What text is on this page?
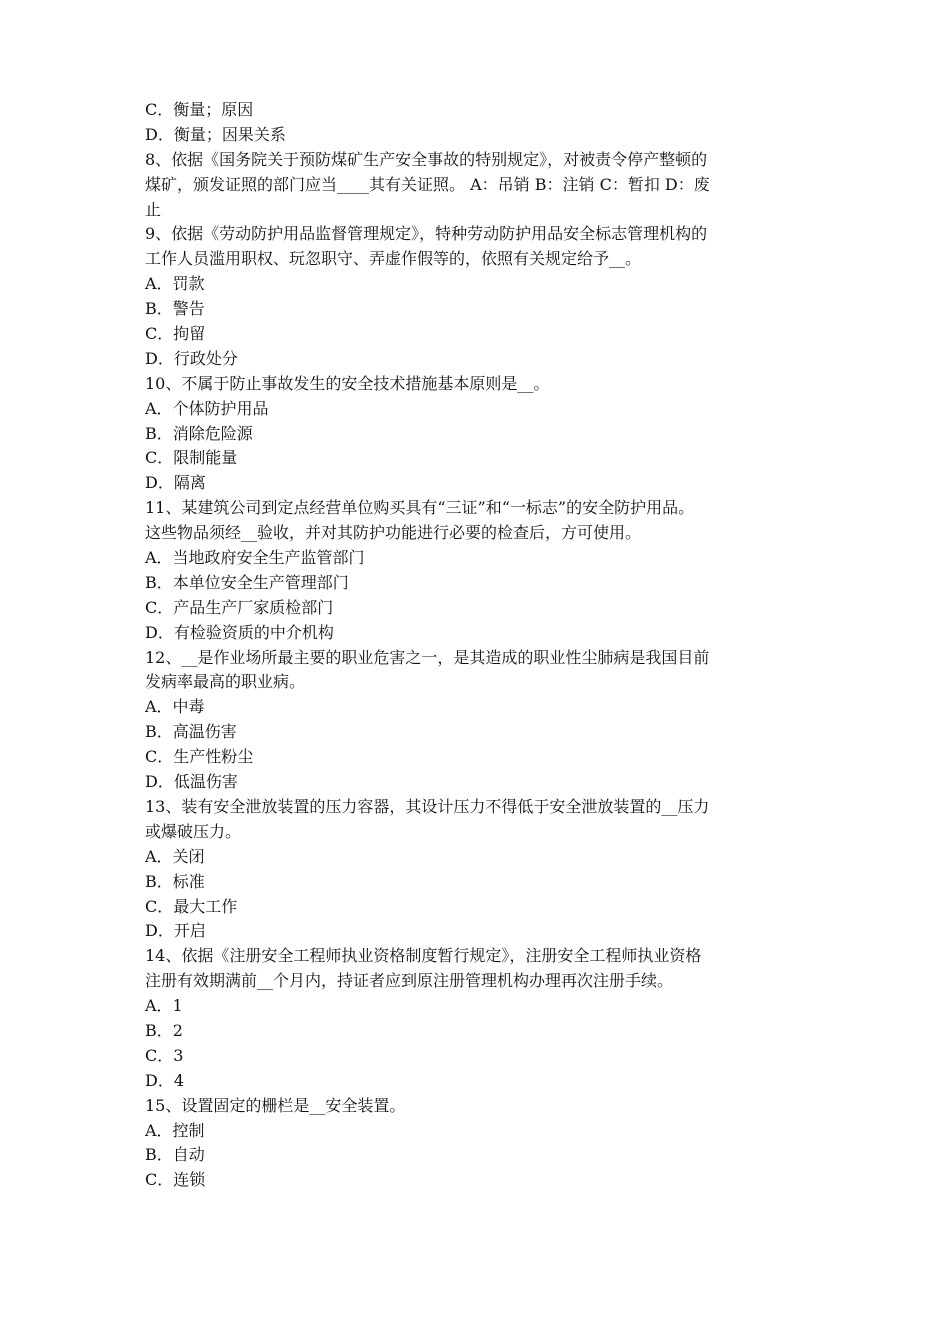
C．衡量；原因
D．衡量；因果关系
8、依据《国务院关于预防煤矿生产安全事故的特别规定》，对被责令停产整顿的
煤矿，颁发证照的部门应当____其有关证照。 A：吊销 B：注销 C：暂扣 D：废
止
9、依据《劳动防护用品监督管理规定》，特种劳动防护用品安全标志管理机构的
工作人员滥用职权、玩忽职守、弄虚作假等的，依照有关规定给予__。
A．罚款
B．警告
C．拘留
D．行政处分
10、不属于防止事故发生的安全技术措施基本原则是__。
A．个体防护用品
B．消除危险源
C．限制能量
D．隔离
11、某建筑公司到定点经营单位购买具有“三证”和“一标志”的安全防护用品。
这些物品须经__验收，并对其防护功能进行必要的检查后，方可使用。
A．当地政府安全生产监管部门
B．本单位安全生产管理部门
C．产品生产厂家质检部门
D．有检验资质的中介机构
12、__是作业场所最主要的职业危害之一，是其造成的职业性尘肺病是我国目前
发病率最高的职业病。
A．中毒
B．高温伤害
C．生产性粉尘
D．低温伤害
13、装有安全泄放装置的压力容器，其设计压力不得低于安全泄放装置的__压力
或爆破压力。
A．关闭
B．标准
C．最大工作
D．开启
14、依据《注册安全工程师执业资格制度暂行规定》，注册安全工程师执业资格
注册有效期满前__个月内，持证者应到原注册管理机构办理再次注册手续。
A．1
B．2
C．3
D．4
15、设置固定的栅栏是__安全装置。
A．控制
B．自动
C．连锁
